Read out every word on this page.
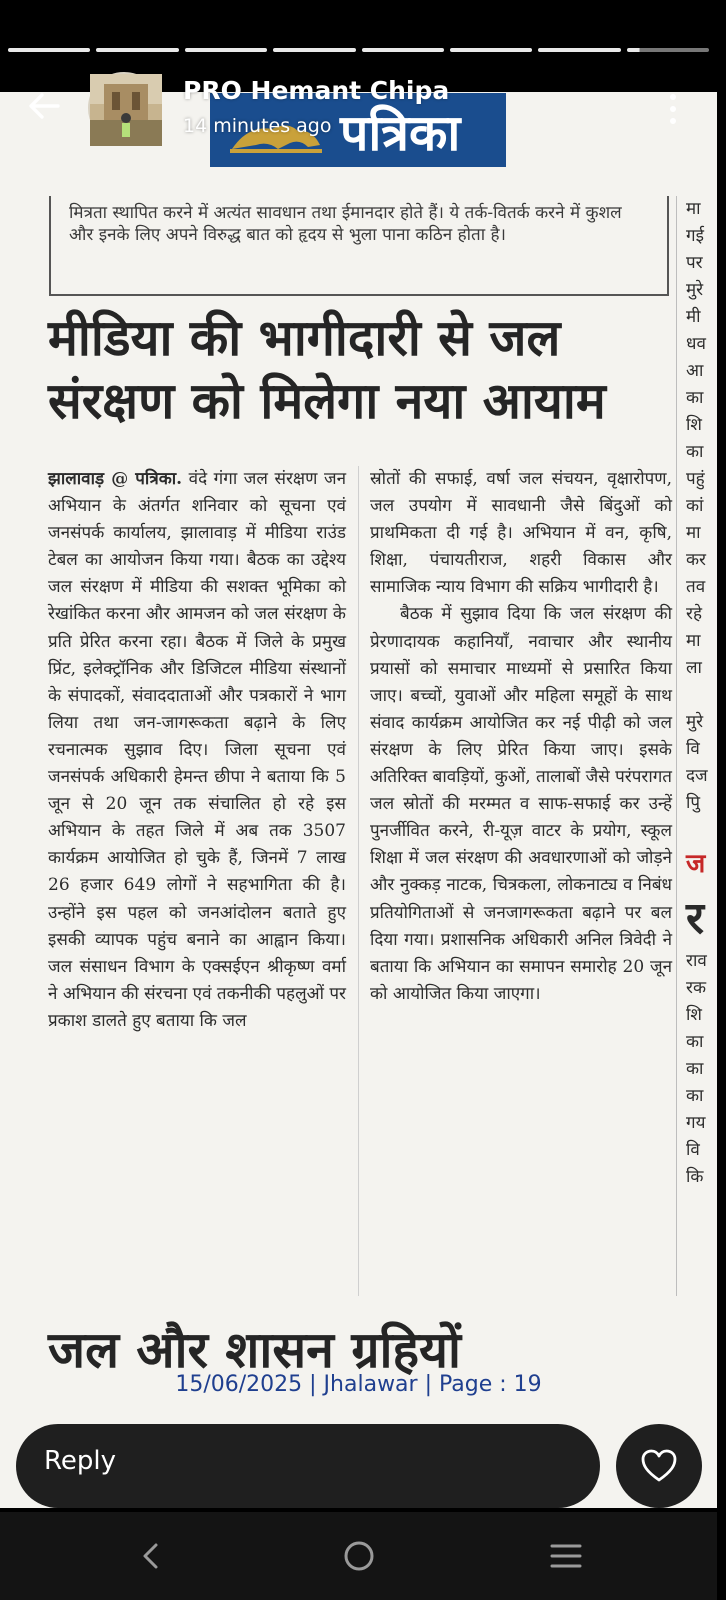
मित्रता स्थापित करने में अत्यंत सावधान तथा ईमानदार होते हैं। ये तर्क-वितर्क करने में कुशल और इनके लिए अपने विरुद्ध बात को हृदय से भुला पाना कठिन होता है।
मीडिया की भागीदारी से जल
संरक्षण को मिलेगा नया आयाम

झालावाड़ @ पत्रिका. वंदे गंगा जल संरक्षण जन अभियान के अंतर्गत शनिवार को सूचना एवं जनसंपर्क कार्यालय, झालावाड़ में मीडिया राउंड टेबल का आयोजन किया गया। बैठक का उद्देश्य जल संरक्षण में मीडिया की सशक्त भूमिका को रेखांकित करना और आमजन को जल संरक्षण के प्रति प्रेरित करना रहा। बैठक में जिले के प्रमुख प्रिंट, इलेक्ट्रॉनिक और डिजिटल मीडिया संस्थानों के संपादकों, संवाददाताओं और पत्रकारों ने भाग लिया तथा जन-जागरूकता बढ़ाने के लिए रचनात्मक सुझाव दिए। जिला सूचना एवं जनसंपर्क अधिकारी हेमन्त छीपा ने बताया कि 5 जून से 20 जून तक संचालित हो रहे इस अभियान के तहत जिले में अब तक 3507 कार्यक्रम आयोजित हो चुके हैं, जिनमें 7 लाख 26 हजार 649 लोगों ने सहभागिता की है। उन्होंने इस पहल को जनआंदोलन बताते हुए इसकी व्यापक पहुंच बनाने का आह्वान किया। जल संसाधन विभाग के एक्सईएन श्रीकृष्ण वर्मा ने अभियान की संरचना एवं तकनीकी पहलुओं पर प्रकाश डालते हुए बताया कि जल

स्रोतों की सफाई, वर्षा जल संचयन, वृक्षारोपण, जल उपयोग में सावधानी जैसे बिंदुओं को प्राथमिकता दी गई है। अभियान में वन, कृषि, शिक्षा, पंचायतीराज, शहरी विकास और सामाजिक न्याय विभाग की सक्रिय भागीदारी है।

बैठक में सुझाव दिया कि जल संरक्षण की प्रेरणादायक कहानियाँ, नवाचार और स्थानीय प्रयासों को समाचार माध्यमों से प्रसारित किया जाए। बच्चों, युवाओं और महिला समूहों के साथ संवाद कार्यक्रम आयोजित कर नई पीढ़ी को जल संरक्षण के लिए प्रेरित किया जाए। इसके अतिरिक्त बावड़ियों, कुओं, तालाबों जैसे परंपरागत जल स्रोतों की मरम्मत व साफ-सफाई कर उन्हें पुनर्जीवित करने, री-यूज़ वाटर के प्रयोग, स्कूल शिक्षा में जल संरक्षण की अवधारणाओं को जोड़ने और नुक्कड़ नाटक, चित्रकला, लोकनाट्य व निबंध प्रतियोगिताओं से जनजागरूकता बढ़ाने पर बल दिया गया। प्रशासनिक अधिकारी अनिल त्रिवेदी ने बताया कि अभियान का समापन समारोह 20 जून को आयोजित किया जाएगा।

मा
गई
पर
मुरे
मी
धव
आ
का
शि
का
पहुं
कां
मा
कर
तव
रहे
मा
ला
मुरे
वि
दज
पुि
ज
र
राव
रक
शि
का
का
का
गय
वि
कि
जल और शासन ग्रहियों
15/06/2025 | Jhalawar | Page : 19
पत्रिका
PRO Hemant Chipa
14 minutes ago
Reply
